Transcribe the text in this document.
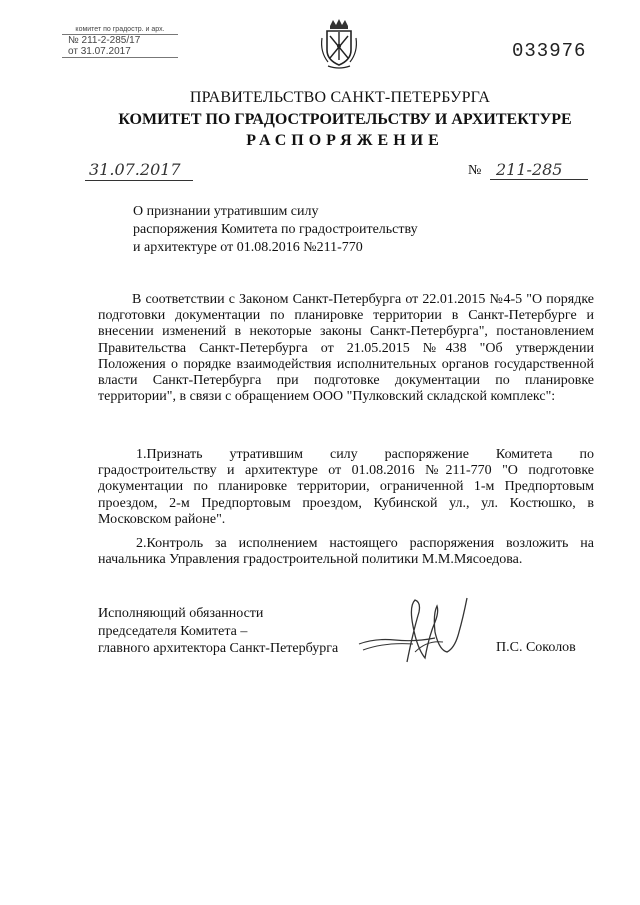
комитет по градостр. и арх.
№ 211-2-285/17
от 31.07.2017	033976
ПРАВИТЕЛЬСТВО САНКТ-ПЕТЕРБУРГА
КОМИТЕТ ПО ГРАДОСТРОИТЕЛЬСТВУ И АРХИТЕКТУРЕ
РАСПОРЯЖЕНИЕ
31.07.2017	№ 211-285
О признании утратившим силу
распоряжения Комитета по градостроительству
и архитектуре от 01.08.2016 №211-770
В соответствии с Законом Санкт-Петербурга от 22.01.2015 №4-5 "О порядке подготовки документации по планировке территории в Санкт-Петербурге и внесении изменений в некоторые законы Санкт-Петербурга", постановлением Правительства Санкт-Петербурга от 21.05.2015 №438 "Об утверждении Положения о порядке взаимодействия исполнительных органов государственной власти Санкт-Петербурга при подготовке документации по планировке территории", в связи с обращением ООО "Пулковский складской комплекс":
1.Признать утратившим силу распоряжение Комитета по градостроительству и архитектуре от 01.08.2016 №211-770 "О подготовке документации по планировке территории, ограниченной 1-м Предпортовым проездом, 2-м Предпортовым проездом, Кубинской ул., ул. Костюшко, в Московском районе".
2.Контроль за исполнением настоящего распоряжения возложить на начальника Управления градостроительной политики М.М.Мясоедова.
Исполняющий обязанности
председателя Комитета –
главного архитектора Санкт-Петербурга	П.С. Соколов
